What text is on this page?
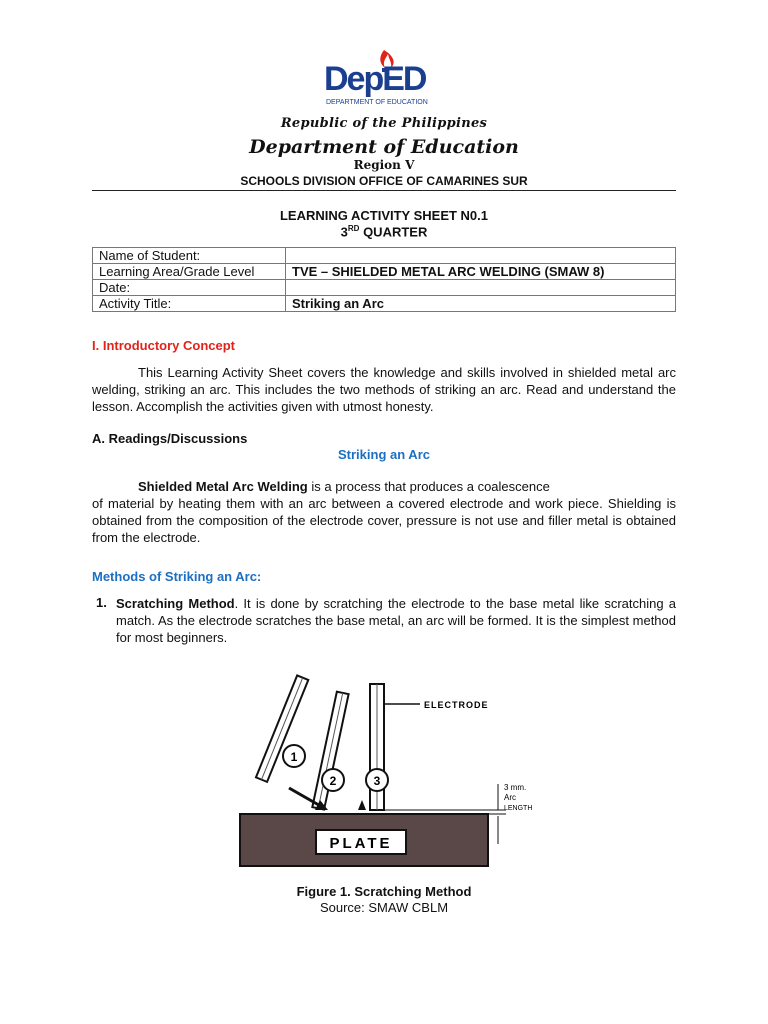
DepED
DEPARTMENT OF EDUCATION
Republic of the Philippines
Department of Education
Region V
SCHOOLS DIVISION OFFICE OF CAMARINES SUR
LEARNING ACTIVITY SHEET N0.1
3RD QUARTER
Name of Student:	
Learning Area/Grade Level	TVE – SHIELDED METAL ARC WELDING (SMAW 8)
Date:	
Activity Title:	Striking an Arc
I. Introductory Concept
This Learning Activity Sheet covers the knowledge and skills involved in shielded metal arc welding, striking an arc. This includes the two methods of striking an arc. Read and understand the lesson. Accomplish the activities given with utmost honesty.
A. Readings/Discussions
Striking an Arc
Shielded Metal Arc Welding is a process that produces a coalescence
of material by heating them with an arc between a covered electrode and work piece. Shielding is obtained from the composition of the electrode cover, pressure is not use and filler metal is obtained from the electrode.
Methods of Striking an Arc:
1. Scratching Method. It is done by scratching the electrode to the base metal like scratching a match. As the electrode scratches the base metal, an arc will be formed. It is the simplest method for most beginners.
PLATE
1
2	3
ELECTRODE
3 mm.
Arc
LENGTH
Figure 1. Scratching Method
Source: SMAW CBLM
